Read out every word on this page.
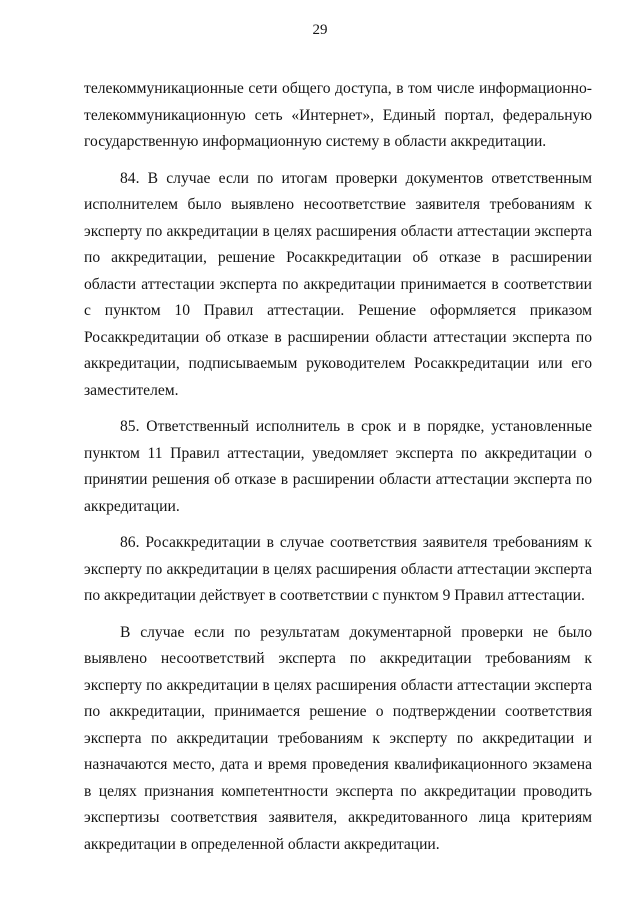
29

телекоммуникационные сети общего доступа, в том числе информационно-телекоммуникационную сеть «Интернет», Единый портал, федеральную государственную информационную систему в области аккредитации.

84. В случае если по итогам проверки документов ответственным исполнителем было выявлено несоответствие заявителя требованиям к эксперту по аккредитации в целях расширения области аттестации эксперта по аккредитации, решение Росаккредитации об отказе в расширении области аттестации эксперта по аккредитации принимается в соответствии с пунктом 10 Правил аттестации. Решение оформляется приказом Росаккредитации об отказе в расширении области аттестации эксперта по аккредитации, подписываемым руководителем Росаккредитации или его заместителем.

85. Ответственный исполнитель в срок и в порядке, установленные пунктом 11 Правил аттестации, уведомляет эксперта по аккредитации о принятии решения об отказе в расширении области аттестации эксперта по аккредитации.

86. Росаккредитации в случае соответствия заявителя требованиям к эксперту по аккредитации в целях расширения области аттестации эксперта по аккредитации действует в соответствии с пунктом 9 Правил аттестации.

В случае если по результатам документарной проверки не было выявлено несоответствий эксперта по аккредитации требованиям к эксперту по аккредитации в целях расширения области аттестации эксперта по аккредитации, принимается решение о подтверждении соответствия эксперта по аккредитации требованиям к эксперту по аккредитации и назначаются место, дата и время проведения квалификационного экзамена в целях признания компетентности эксперта по аккредитации проводить экспертизы соответствия заявителя, аккредитованного лица критериям аккредитации в определенной области аккредитации.
